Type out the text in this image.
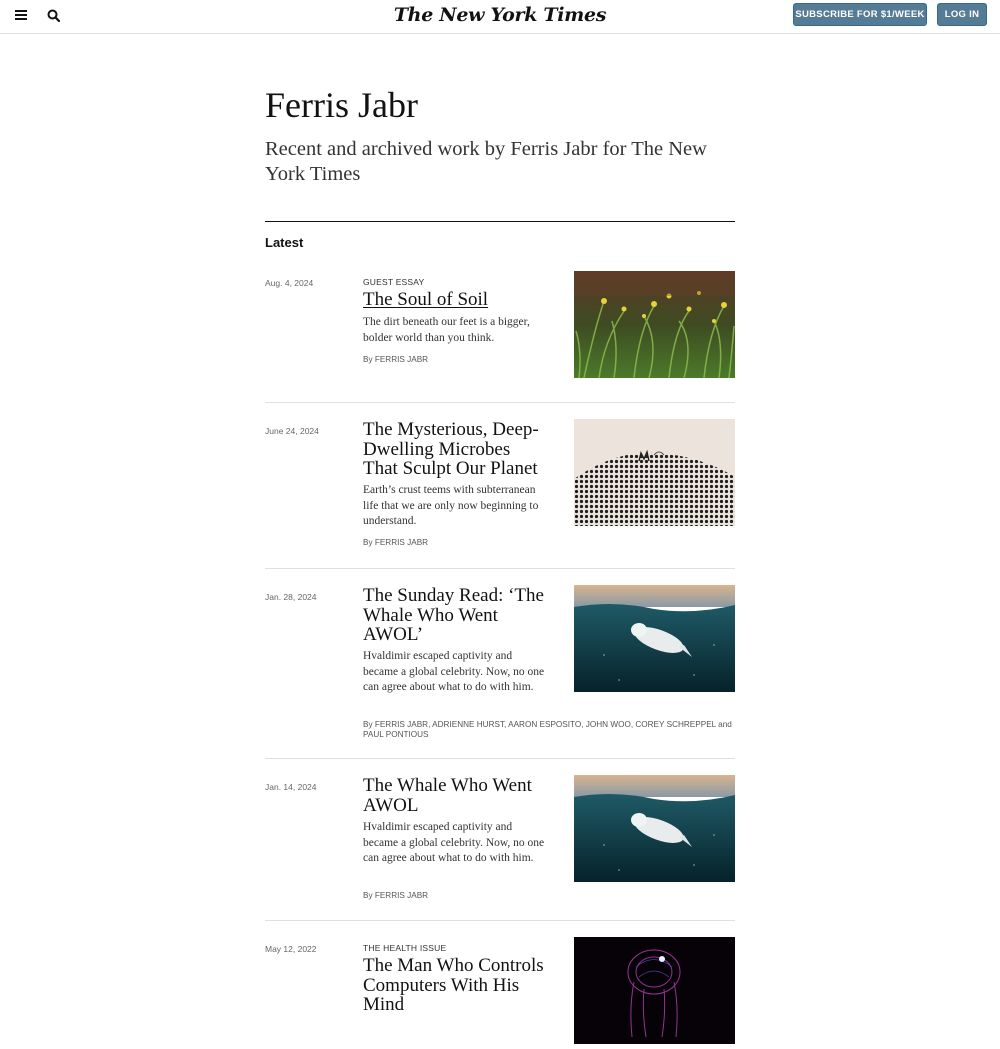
The New York Times	SUBSCRIBE FOR $1/WEEK	LOG IN
Ferris Jabr

Recent and archived work by Ferris Jabr for The New York Times

Latest
Aug. 4, 2024	GUEST ESSAY
The Soul of Soil
The dirt beneath our feet is a bigger, bolder world than you think.
By FERRIS JABR
June 24, 2024 The Mysterious, Deep-Dwelling Microbes That Sculpt Our Planet
Earth’s crust teems with subterranean life that we are only now beginning to understand.
By FERRIS JABR
Jan. 28, 2024 The Sunday Read: ‘The Whale Who Went AWOL’
Hvaldimir escaped captivity and became a global celebrity. Now, no one can agree about what to do with him.
By FERRIS JABR, ADRIENNE HURST, AARON ESPOSITO, JOHN WOO, COREY SCHREPPEL and PAUL PONTIOUS
Jan. 14, 2024 The Whale Who Went AWOL
Hvaldimir escaped captivity and became a global celebrity. Now, no one can agree about what to do with him.
By FERRIS JABR
May 12, 2022	THE HEALTH ISSUE
The Man Who Controls Computers With His Mind
